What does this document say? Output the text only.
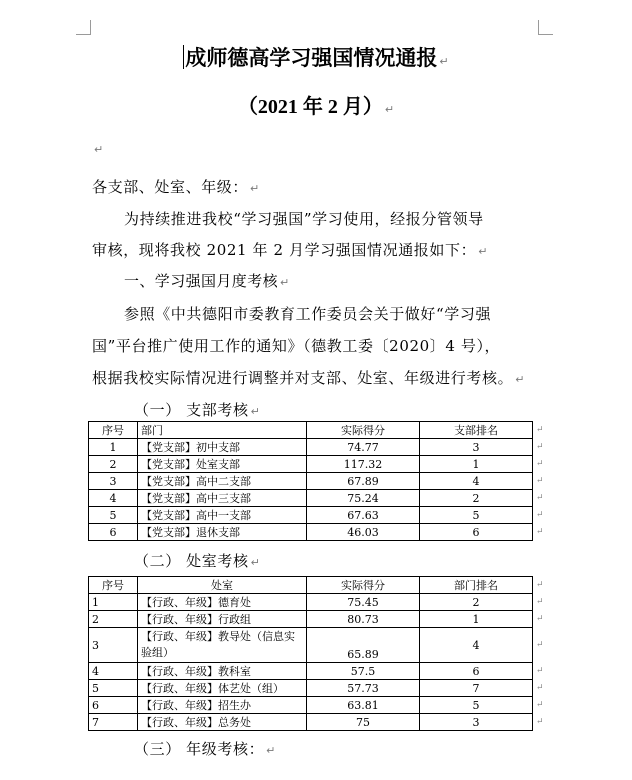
成师德高学习强国情况通报 ↵
（2021 年 2 月） ↵
↵
各支部、处室、年级： ↵
为持续推进我校“学习强国”学习使用，经报分管领导
审核，现将我校 2021 年 2 月学习强国情况通报如下： ↵
一、学习强国月度考核 ↵
参照《中共德阳市委教育工作委员会关于做好“学习强
国”平台推广使用工作的通知》（德教工委〔2020〕4 号），
根据我校实际情况进行调整并对支部、处室、年级进行考核。 ↵
（一） 支部考核 ↵
序号	部门	实际得分	支部排名	↵
1	【党支部】初中支部	74.77	3	↵
2	【党支部】处室支部	117.32	1	↵
3	【党支部】高中二支部	67.89	4	↵
4	【党支部】高中三支部	75.24	2	↵
5	【党支部】高中一支部	67.63	5	↵
6	【党支部】退休支部	46.03	6	↵
（二） 处室考核 ↵
序号	处室	实际得分	部门排名	↵
1	【行政、年级】德育处	75.45	2	↵
2	【行政、年级】行政组	80.73	1	↵
3	【行政、年级】教导处（信息实验组）	65.89	4	↵
4	【行政、年级】教科室	57.5	6	↵
5	【行政、年级】体艺处（组）	57.73	7	↵
6	【行政、年级】招生办	63.81	5	↵
7	【行政、年级】总务处	75	3	↵
（三） 年级考核： ↵
